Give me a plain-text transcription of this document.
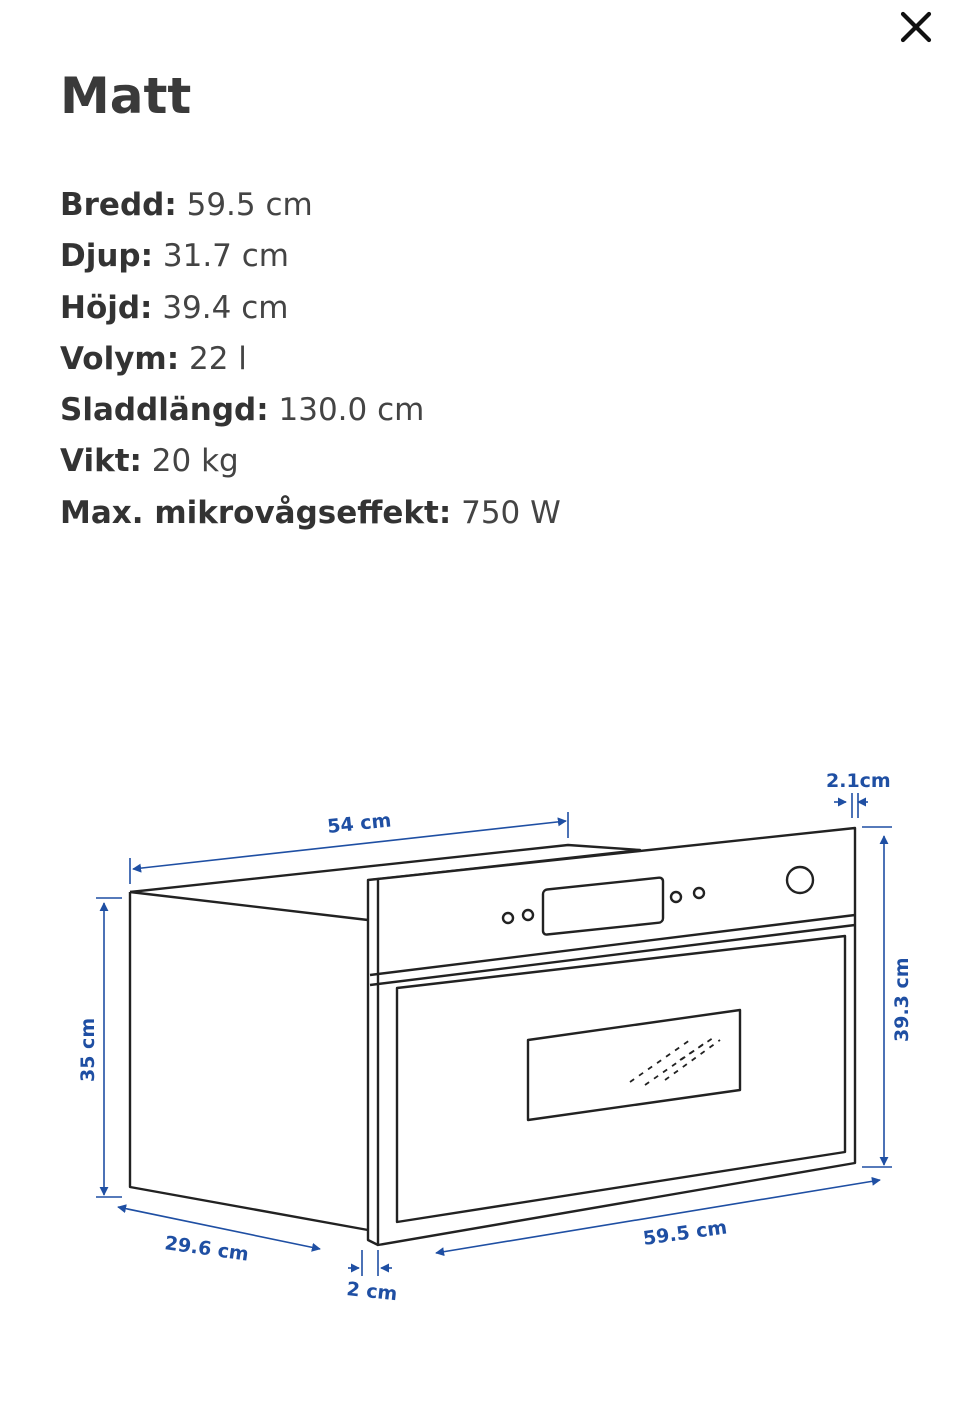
Matt
Bredd: 59.5 cm
Djup: 31.7 cm
Höjd: 39.4 cm
Volym: 22 l
Sladdlängd: 130.0 cm
Vikt: 20 kg
Max. mikrovågseffekt: 750 W
54 cm
2.1cm
39.3 cm
35 cm
29.6 cm	59.5 cm
2 cm
